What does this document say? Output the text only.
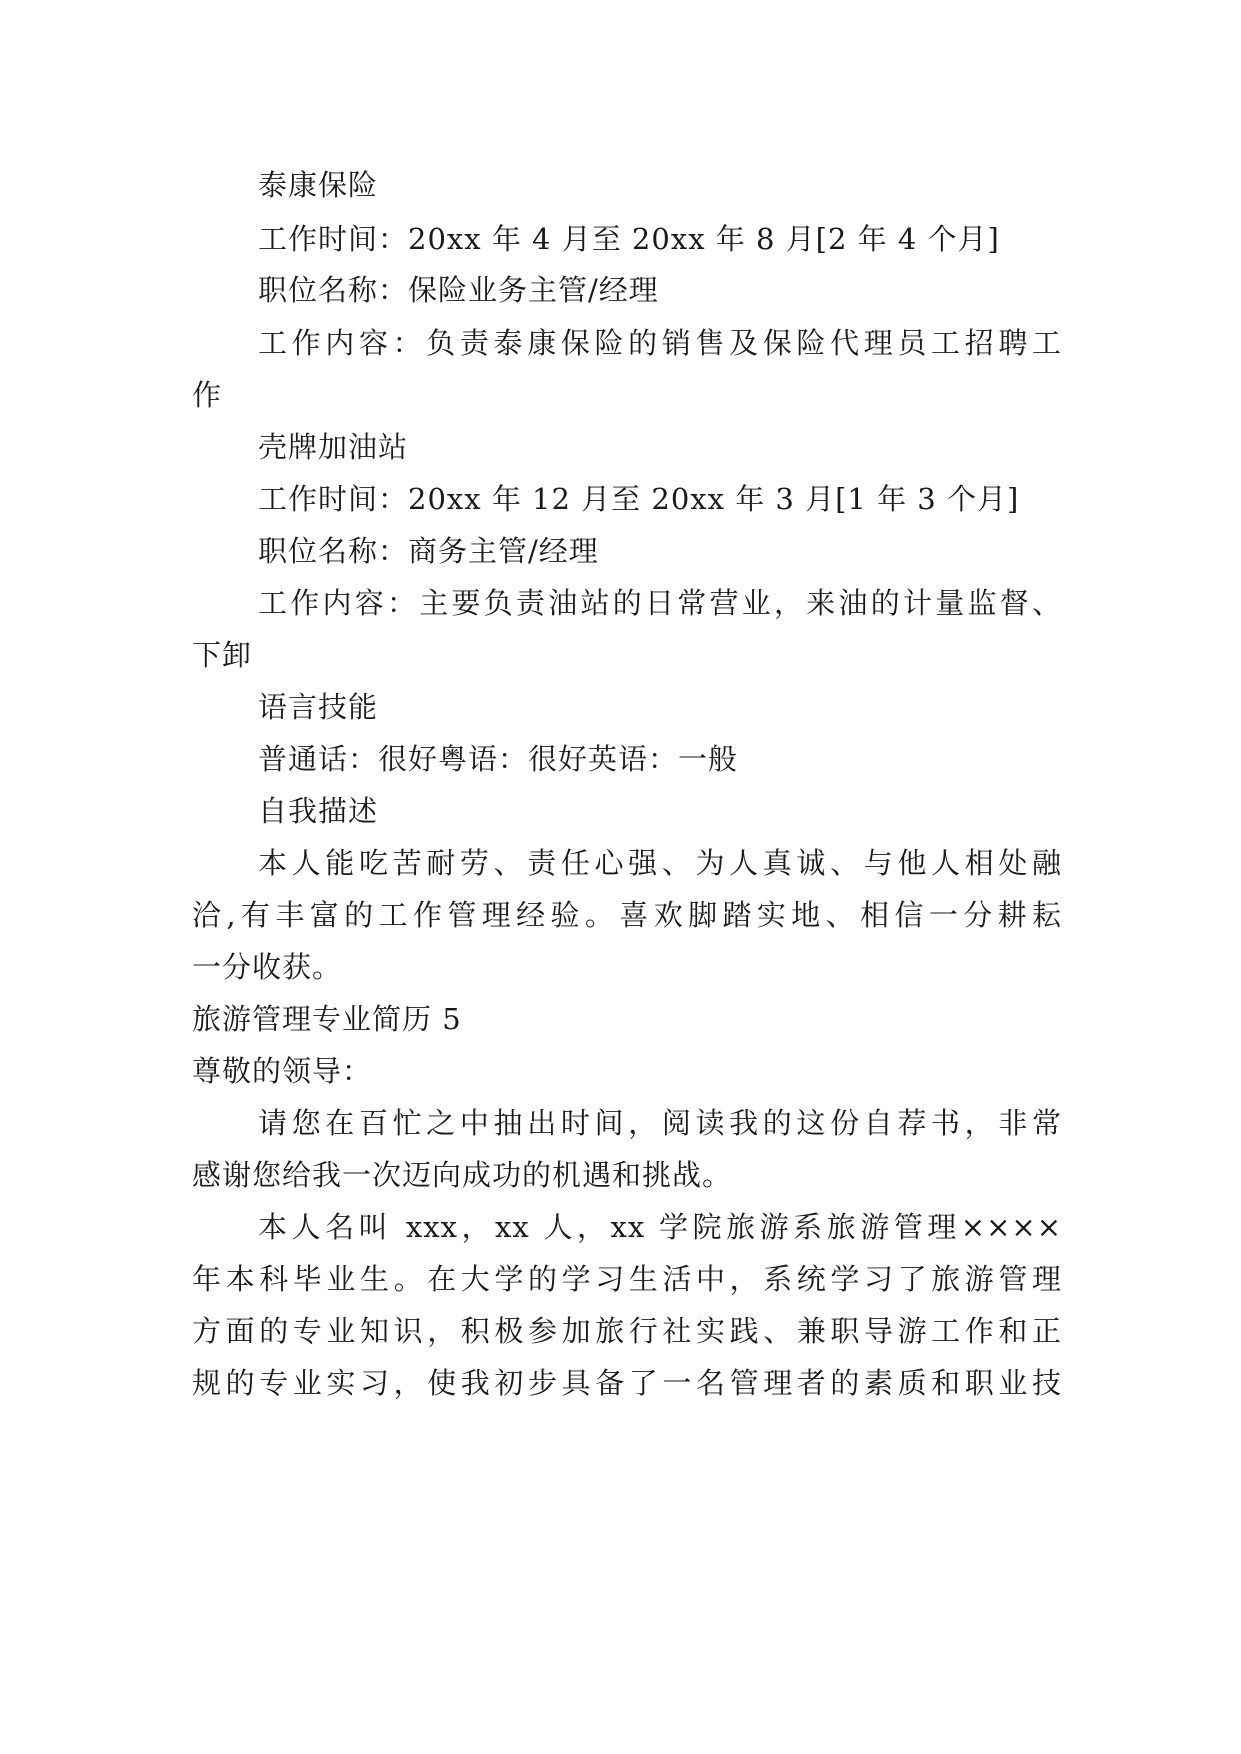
泰康保险
工作时间：20xx 年 4 月至 20xx 年 8 月[2 年 4 个月]
职位名称：保险业务主管/经理
工作内容：负责泰康保险的销售及保险代理员工招聘工
作
壳牌加油站
工作时间：20xx 年 12 月至 20xx 年 3 月[1 年 3 个月]
职位名称：商务主管/经理
工作内容：主要负责油站的日常营业，来油的计量监督、
下卸
语言技能
普通话：很好粤语：很好英语：一般
自我描述
本人能吃苦耐劳、责任心强、为人真诚、与他人相处融
洽,有丰富的工作管理经验。喜欢脚踏实地、相信一分耕耘
一分收获。
旅游管理专业简历 5
尊敬的领导：
请您在百忙之中抽出时间，阅读我的这份自荐书，非常
感谢您给我一次迈向成功的机遇和挑战。
本人名叫 xxx，xx 人，xx 学院旅游系旅游管理××××
年本科毕业生。在大学的学习生活中，系统学习了旅游管理
方面的专业知识，积极参加旅行社实践、兼职导游工作和正
规的专业实习，使我初步具备了一名管理者的素质和职业技
